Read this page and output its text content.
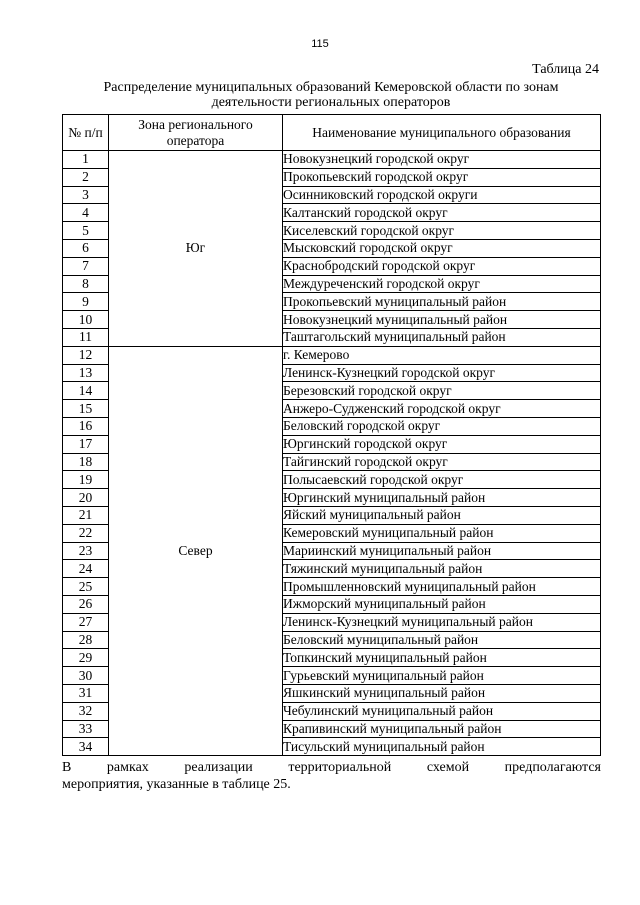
115
Таблица 24
Распределение муниципальных образований Кемеровской области по зонам деятельности региональных операторов
№ п/п	Зона регионального оператора	Наименование муниципального образования
1	Юг	Новокузнецкий городской округ
2		Прокопьевский городской округ
3		Осинниковский городской округи
4		Калтанский городской округ
5		Киселевский городской округ
6		Мысковский городской округ
7		Краснобродский городской округ
8		Междуреченский городской округ
9		Прокопьевский муниципальный район
10		Новокузнецкий муниципальный район
11		Таштагольский муниципальный район
12	Север	г. Кемерово
13		Ленинск-Кузнецкий городской округ
14		Березовский городской округ
15		Анжеро-Судженский городской округ
16		Беловский городской округ
17		Юргинский городской округ
18		Тайгинский городской округ
19		Полысаевский городской округ
20		Юргинский муниципальный район
21		Яйский муниципальный район
22		Кемеровский муниципальный район
23		Мариинский муниципальный район
24		Тяжинский муниципальный район
25		Промышленновский муниципальный район
26		Ижморский муниципальный район
27		Ленинск-Кузнецкий муниципальный район
28		Беловский муниципальный район
29		Топкинский муниципальный район
30		Гурьевский муниципальный район
31		Яшкинский муниципальный район
32		Чебулинский муниципальный район
33		Крапивинский муниципальный район
34		Тисульский муниципальный район
В рамках реализации территориальной схемой предполагаются
мероприятия, указанные в таблице 25.
